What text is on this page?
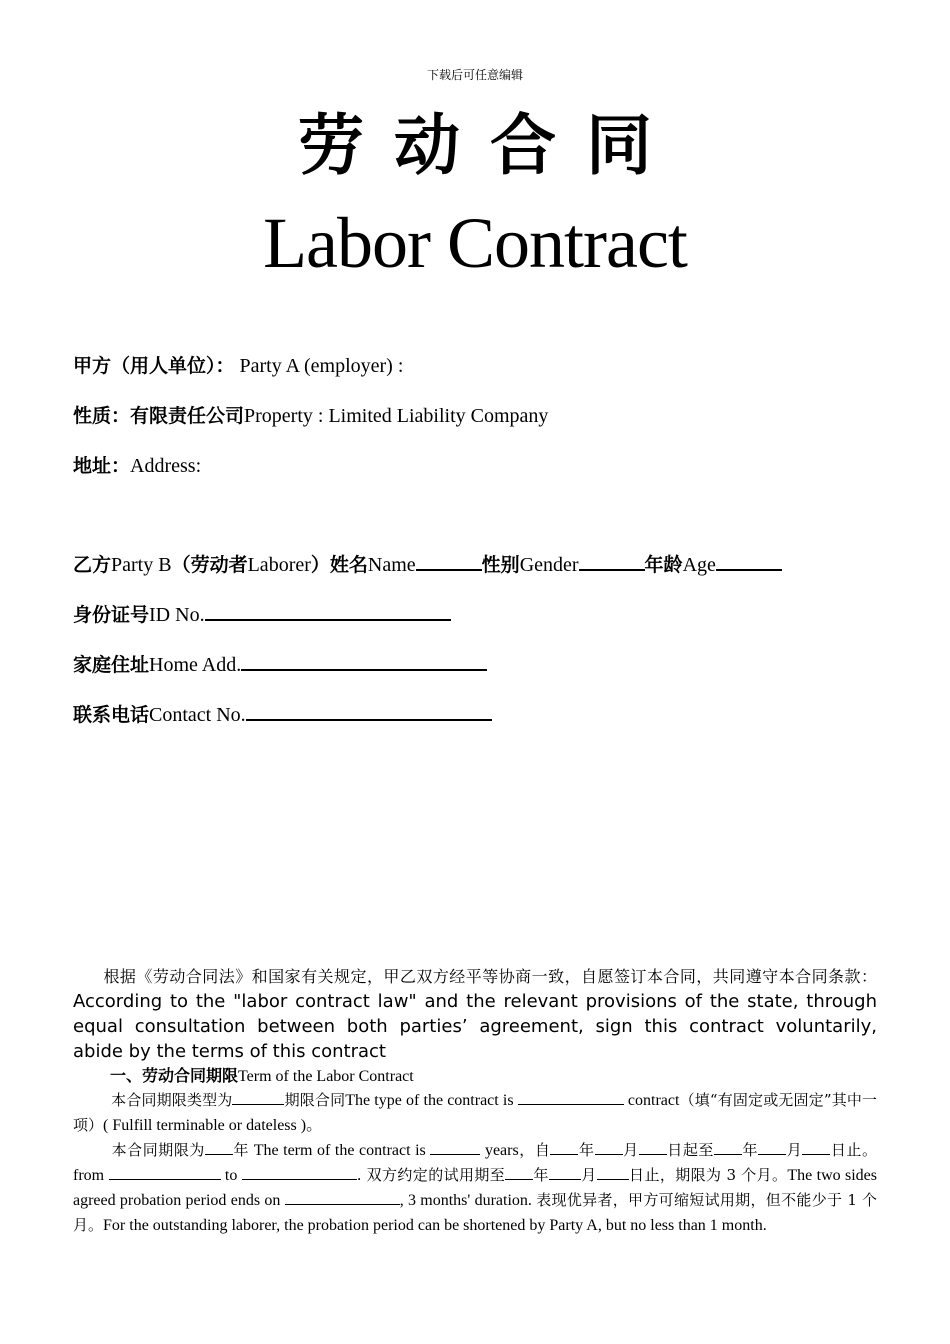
下载后可任意编辑
劳动合同
Labor Contract
甲方（用人单位）： Party A (employer) :
性质：有限责任公司Property : Limited Liability Company
地址：Address:
乙方Party B（劳动者Laborer）姓名Name	性别Gender	年龄Age
身份证号ID No.
家庭住址Home Add.
联系电话Contact No.
根据《劳动合同法》和国家有关规定，甲乙双方经平等协商一致，自愿签订本合同，共同遵守本合同条款： According to the "labor contract law" and the relevant provisions of the state, through equal consultation between both parties’ agreement, sign this contract voluntarily, abide by the terms of this contract
一、劳动合同期限Term of the Labor Contract
本合同期限类型为	期限合同The type of the contract is	contract（填“有固定或无固定”其中一项）( Fulfill terminable or dateless )。
本合同期限为 年 The term of the contract is	years，自 年 月 日起至 年 月 日止。from	to	. 双方约定的试用期至 年 月 日止，期限为 3 个月。The two sides agreed probation period ends on	, 3 months' duration. 表现优异者，甲方可缩短试用期，但不能少于 1 个月。For the outstanding laborer, the probation period can be shortened by Party A, but no less than 1 month.
